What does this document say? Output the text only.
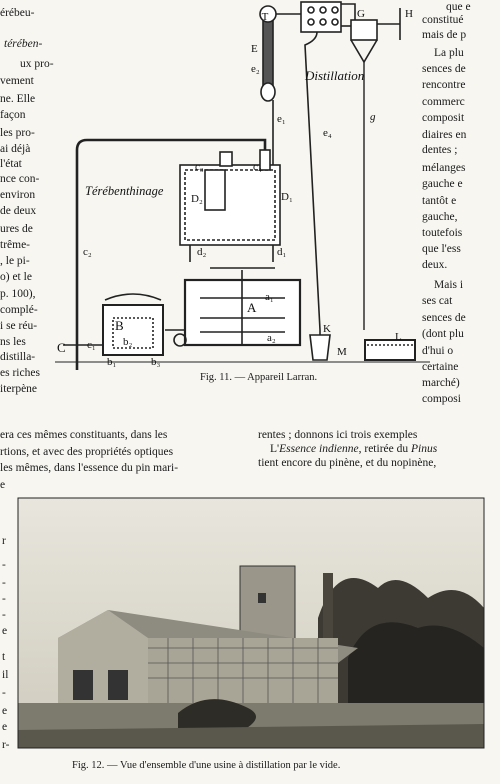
érébeu-
térében-
ux pro-
vement
ne. Elle
façon
les pro-
ai déjà
l'état
nce con-
environ
de deux
ures de
trême-
, le pi-
o) et le
p. 100),
complé-
i se réu-
ns les
distilla-
es riches
iterpène
que e
constitué
mais de p
La plu
sences de
rencontre
commerc
composit
diaires en
dentes ;
mélanges
gauche e
tantôt e
gauche,
toutefois
que l'ess
deux.
Mais i
ses cat
sences de
(dont plu
d'hui o
certaine
marché)
composi
T	G	H
E
e₂	Distillation
e₁
e₄
g
c₃	c₄
Térébenthinage
D₂	D₁
d₂	d₁
c₂
A
a₁
a₂
B
b₂
C c₁
b₁	b₃
K
M
L
Fig. 11. — Appareil Larran.
era ces mêmes constituants, dans les
rtions, et avec des propriétés optiques
les mêmes, dans l'essence du pin mari-
e
rentes ; donnons ici trois exemples
L'Essence indienne, retirée du Pinus
tient encore du pinène, et du nopinène,
r
-
-
-
-
e
t
il
-
e
e
r-
Fig. 12. — Vue d'ensemble d'une usine à distillation par le vide.
